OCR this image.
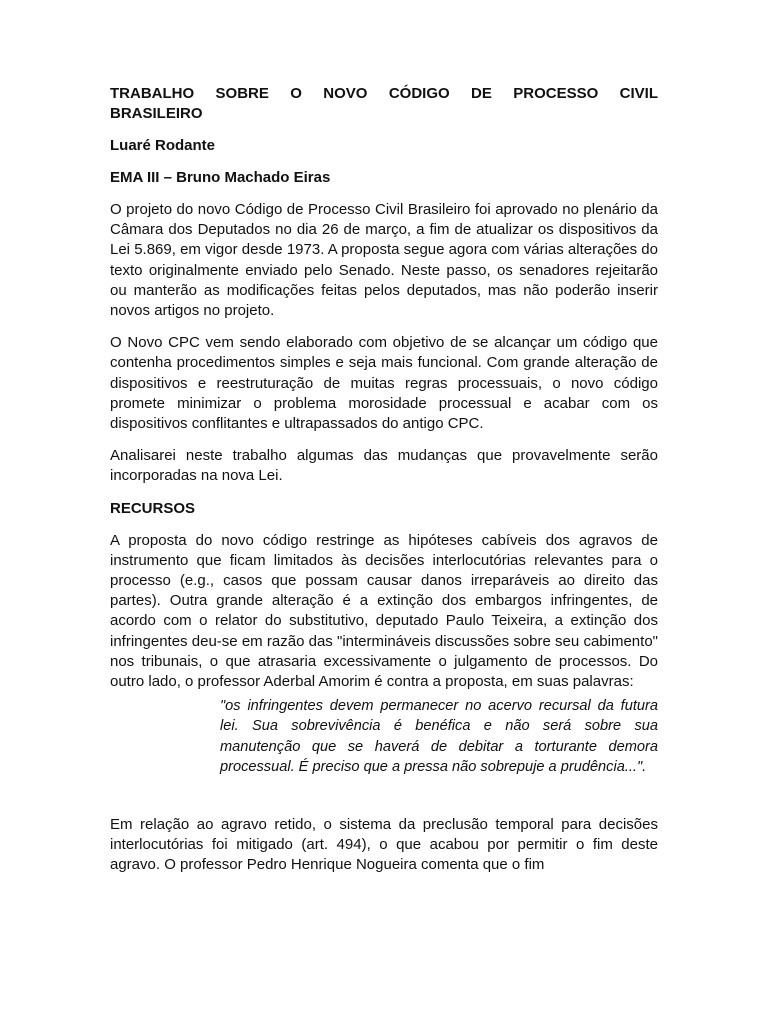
TRABALHO SOBRE O NOVO CÓDIGO DE PROCESSO CIVIL
BRASILEIRO
Luaré Rodante
EMA III – Bruno Machado Eiras

O projeto do novo Código de Processo Civil Brasileiro foi aprovado no plenário da Câmara dos Deputados no dia 26 de março, a fim de atualizar os dispositivos da Lei 5.869, em vigor desde 1973. A proposta segue agora com várias alterações do texto originalmente enviado pelo Senado. Neste passo, os senadores rejeitarão ou manterão as modificações feitas pelos deputados, mas não poderão inserir novos artigos no projeto.

O Novo CPC vem sendo elaborado com objetivo de se alcançar um código que contenha procedimentos simples e seja mais funcional. Com grande alteração de dispositivos e reestruturação de muitas regras processuais, o novo código promete minimizar o problema morosidade processual e acabar com os dispositivos conflitantes e ultrapassados do antigo CPC.

Analisarei neste trabalho algumas das mudanças que provavelmente serão incorporadas na nova Lei.

RECURSOS

A proposta do novo código restringe as hipóteses cabíveis dos agravos de instrumento que ficam limitados às decisões interlocutórias relevantes para o processo (e.g., casos que possam causar danos irreparáveis ao direito das partes). Outra grande alteração é a extinção dos embargos infringentes, de acordo com o relator do substitutivo, deputado Paulo Teixeira, a extinção dos infringentes deu-se em razão das "intermináveis discussões sobre seu cabimento" nos tribunais, o que atrasaria excessivamente o julgamento de processos. Do outro lado, o professor Aderbal Amorim é contra a proposta, em suas palavras:

"os infringentes devem permanecer no acervo recursal da futura lei. Sua sobrevivência é benéfica e não será sobre sua manutenção que se haverá de debitar a torturante demora processual. É preciso que a pressa não sobrepuje a prudência...".

Em relação ao agravo retido, o sistema da preclusão temporal para decisões interlocutórias foi mitigado (art. 494), o que acabou por permitir o fim deste agravo. O professor Pedro Henrique Nogueira comenta que o fim
